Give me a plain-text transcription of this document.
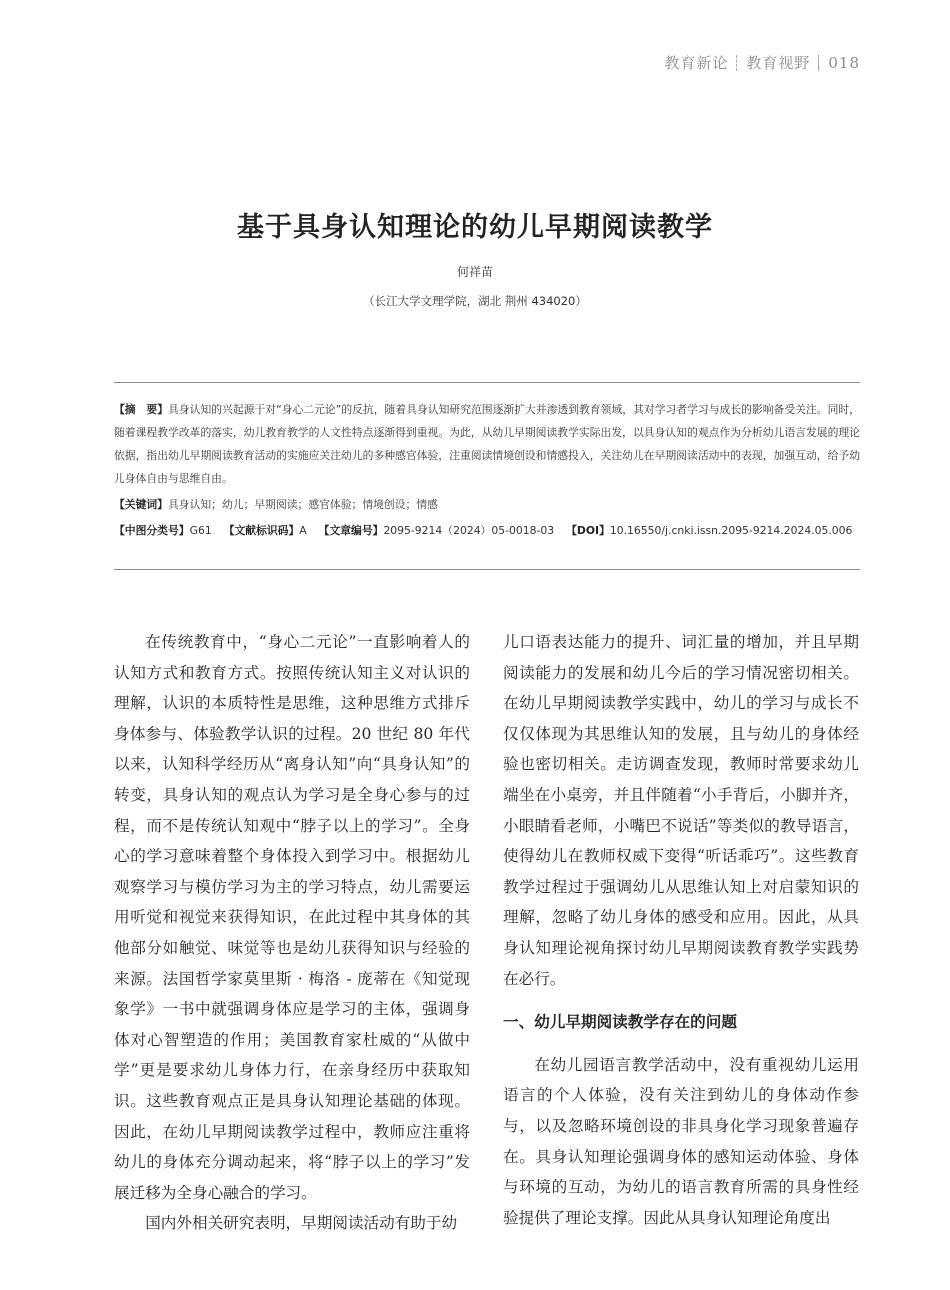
教育新论 教育视野 018
基于具身认知理论的幼儿早期阅读教学
何祥苗
（长江大学文理学院，湖北 荆州 434020）

【摘　要】具身认知的兴起源于对“身心二元论”的反抗，随着具身认知研究范围逐渐扩大并渗透到教育领域，其对学习者学习与成长的影响备受关注。同时，随着课程教学改革的落实，幼儿教育教学的人文性特点逐渐得到重视。为此，从幼儿早期阅读教学实际出发，以具身认知的观点作为分析幼儿语言发展的理论依据，指出幼儿早期阅读教育活动的实施应关注幼儿的多种感官体验，注重阅读情境创设和情感投入，关注幼儿在早期阅读活动中的表现，加强互动，给予幼儿身体自由与思维自由。

【关键词】具身认知；幼儿；早期阅读；感官体验；情境创设；情感

【中图分类号】G61 【文献标识码】A 【文章编号】2095-9214（2024）05-0018-03 【DOI】10.16550/j.cnki.issn.2095-9214.2024.05.006

在传统教育中，“身心二元论”一直影响着人的认知方式和教育方式。按照传统认知主义对认识的理解，认识的本质特性是思维，这种思维方式排斥身体参与、体验教学认识的过程。20 世纪 80 年代以来，认知科学经历从“离身认知”向“具身认知”的转变，具身认知的观点认为学习是全身心参与的过程，而不是传统认知观中“脖子以上的学习”。全身心的学习意味着整个身体投入到学习中。根据幼儿观察学习与模仿学习为主的学习特点，幼儿需要运用听觉和视觉来获得知识，在此过程中其身体的其他部分如触觉、味觉等也是幼儿获得知识与经验的来源。法国哲学家莫里斯 · 梅洛 - 庞蒂在《知觉现象学》一书中就强调身体应是学习的主体，强调身体对心智塑造的作用；美国教育家杜威的“从做中学”更是要求幼儿身体力行，在亲身经历中获取知识。这些教育观点正是具身认知理论基础的体现。因此，在幼儿早期阅读教学过程中，教师应注重将幼儿的身体充分调动起来，将“脖子以上的学习”发展迁移为全身心融合的学习。

国内外相关研究表明，早期阅读活动有助于幼

儿口语表达能力的提升、词汇量的增加，并且早期阅读能力的发展和幼儿今后的学习情况密切相关。在幼儿早期阅读教学实践中，幼儿的学习与成长不仅仅体现为其思维认知的发展，且与幼儿的身体经验也密切相关。走访调查发现，教师时常要求幼儿端坐在小桌旁，并且伴随着“小手背后，小脚并齐，小眼睛看老师，小嘴巴不说话”等类似的教导语言，使得幼儿在教师权威下变得“听话乖巧”。这些教育教学过程过于强调幼儿从思维认知上对启蒙知识的理解，忽略了幼儿身体的感受和应用。因此，从具身认知理论视角探讨幼儿早期阅读教育教学实践势在必行。

一、幼儿早期阅读教学存在的问题

在幼儿园语言教学活动中，没有重视幼儿运用语言的个人体验，没有关注到幼儿的身体动作参与，以及忽略环境创设的非具身化学习现象普遍存在。具身认知理论强调身体的感知运动体验、身体与环境的互动，为幼儿的语言教育所需的具身性经验提供了理论支撑。因此从具身认知理论角度出
